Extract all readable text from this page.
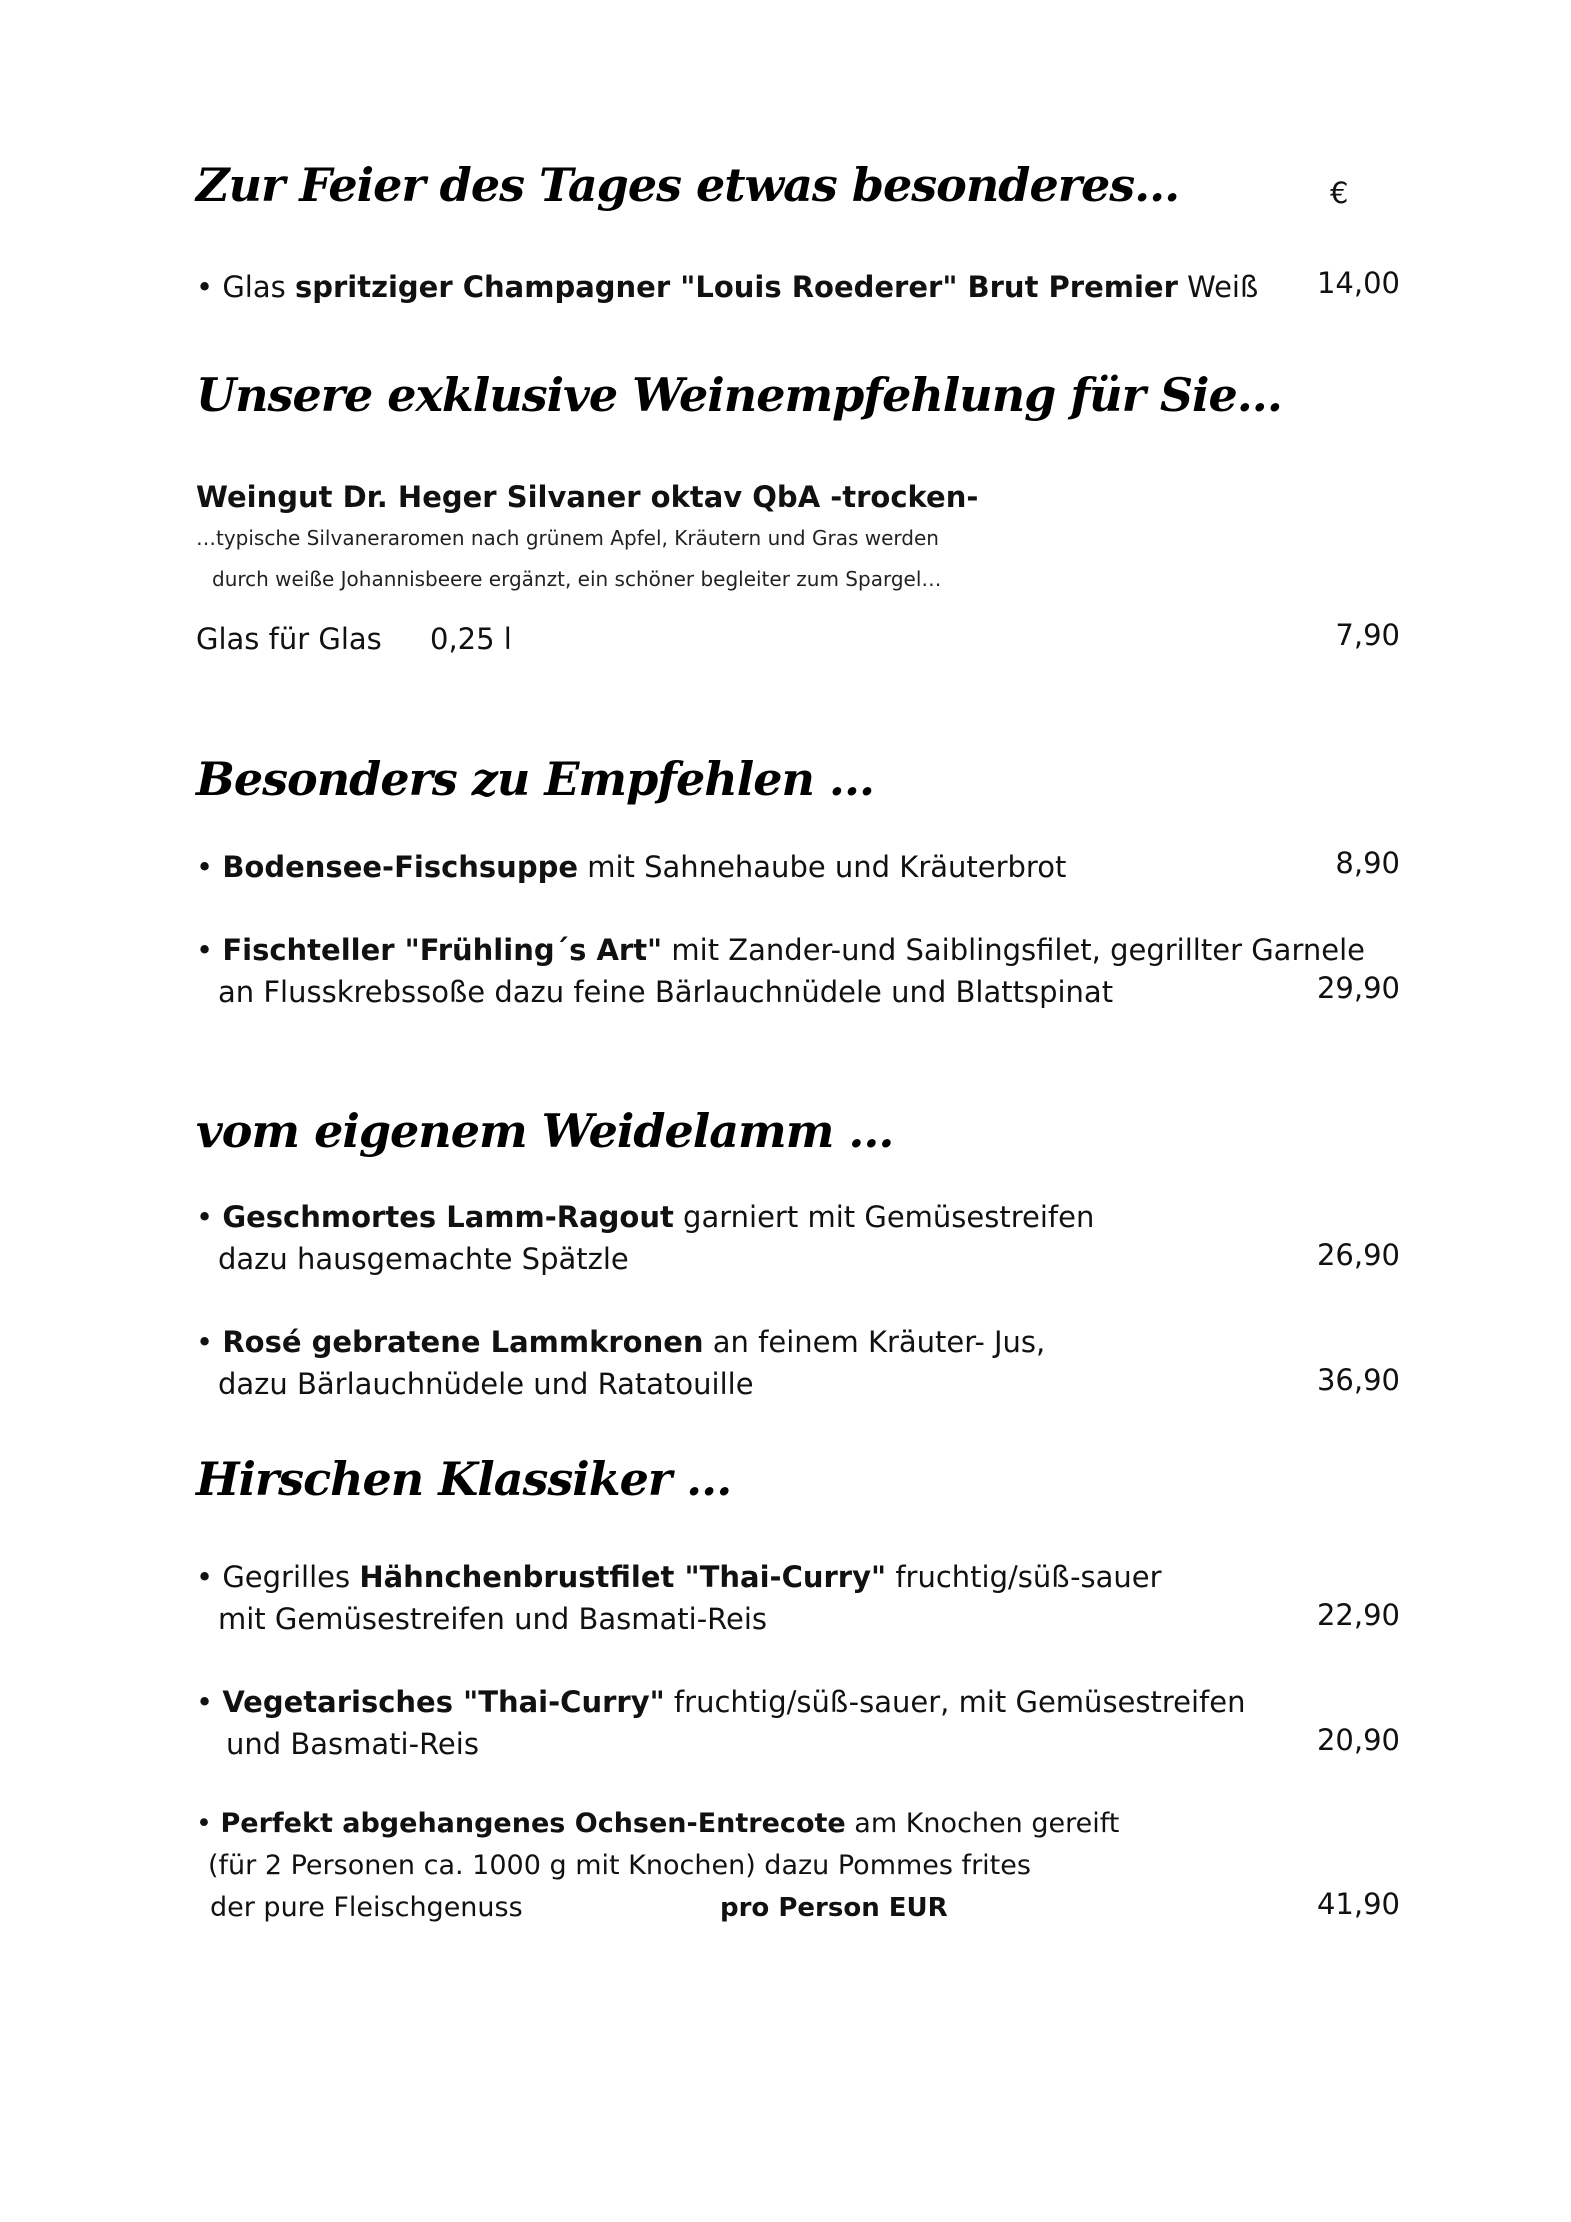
Zur Feier des Tages etwas besonderes...	€
• Glas spritziger Champagner "Louis Roederer" Brut Premier Weiß	14,00
Unsere exklusive Weinempfehlung für Sie...
Weingut Dr. Heger Silvaner oktav QbA -trocken-
…typische Silvaneraromen nach grünem Apfel, Kräutern und Gras werden
durch weiße Johannisbeere ergänzt, ein schöner begleiter zum Spargel…
Glas für Glas 0,25 l	7,90
Besonders zu Empfehlen ...
• Bodensee-Fischsuppe mit Sahnehaube und Kräuterbrot	8,90
• Fischteller "Frühling´s Art" mit Zander-und Saiblingsfilet, gegrillter Garnele
an Flusskrebssoße dazu feine Bärlauchnüdele und Blattspinat	29,90
vom eigenem Weidelamm ...
• Geschmortes Lamm-Ragout garniert mit Gemüsestreifen
dazu hausgemachte Spätzle	26,90
• Rosé gebratene Lammkronen an feinem Kräuter- Jus,
dazu Bärlauchnüdele und Ratatouille	36,90
Hirschen Klassiker ...
• Gegrilles Hähnchenbrustfilet "Thai-Curry" fruchtig/süß-sauer
mit Gemüsestreifen und Basmati-Reis	22,90
• Vegetarisches "Thai-Curry" fruchtig/süß-sauer, mit Gemüsestreifen
und Basmati-Reis	20,90
• Perfekt abgehangenes Ochsen-Entrecote am Knochen gereift
(für 2 Personen ca. 1000 g mit Knochen) dazu Pommes frites
der pure Fleischgenuss	pro Person EUR	41,90
